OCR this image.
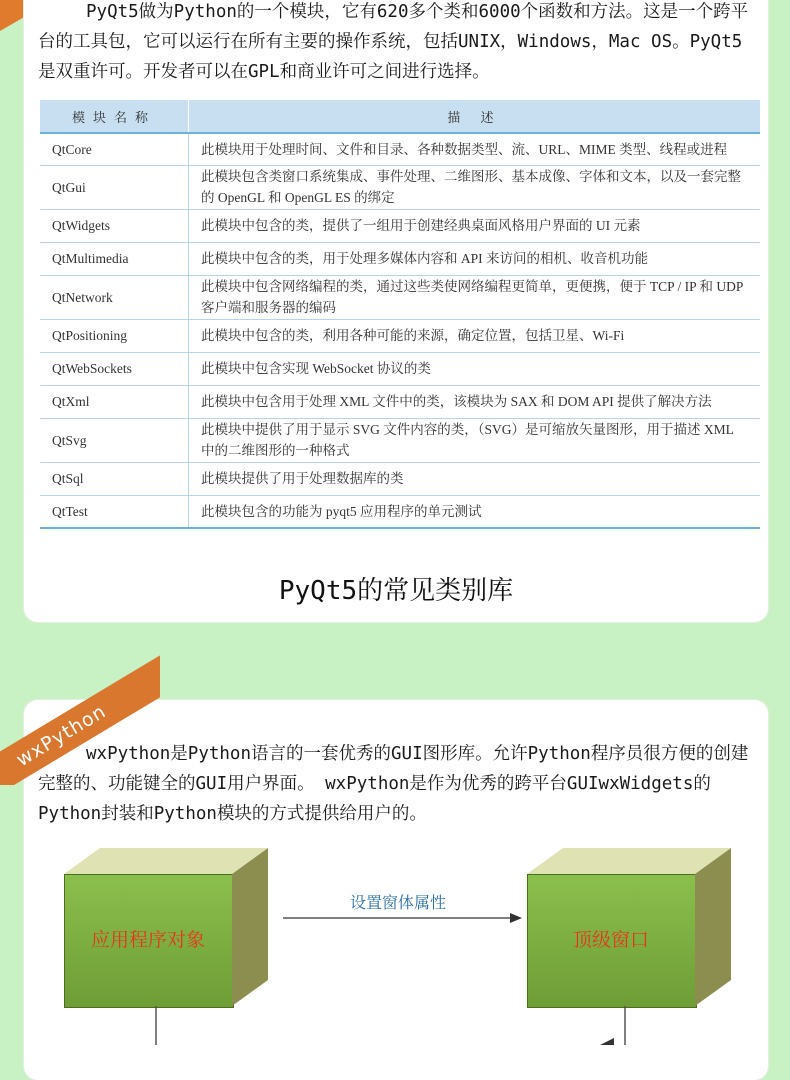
PyQt5做为Python的一个模块，它有620多个类和6000个函数和方法。这是一个跨平台的工具包，它可以运行在所有主要的操作系统，包括UNIX，Windows，Mac OS。PyQt5是双重许可。开发者可以在GPL和商业许可之间进行选择。

模块名称	描 述
QtCore	此模块用于处理时间、文件和目录、各种数据类型、流、URL、MIME 类型、线程或进程
QtGui	此模块包含类窗口系统集成、事件处理、二维图形、基本成像、字体和文本，以及一套完整的 OpenGL 和 OpenGL ES 的绑定
QtWidgets	此模块中包含的类，提供了一组用于创建经典桌面风格用户界面的 UI 元素
QtMultimedia	此模块中包含的类，用于处理多媒体内容和 API 来访问的相机、收音机功能
QtNetwork	此模块中包含网络编程的类，通过这些类使网络编程更简单，更便携，便于 TCP / IP 和 UDP 客户端和服务器的编码
QtPositioning	此模块中包含的类，利用各种可能的来源，确定位置，包括卫星、Wi-Fi
QtWebSockets	此模块中包含实现 WebSocket 协议的类
QtXml	此模块中包含用于处理 XML 文件中的类，该模块为 SAX 和 DOM API 提供了解决方法
QtSvg	此模块中提供了用于显示 SVG 文件内容的类，（SVG）是可缩放矢量图形，用于描述 XML 中的二维图形的一种格式
QtSql	此模块提供了用于处理数据库的类
QtTest	此模块包含的功能为 pyqt5 应用程序的单元测试
PyQt5的常见类别库
wxPython

wxPython是Python语言的一套优秀的GUI图形库。允许Python程序员很方便的创建完整的、功能键全的GUI用户界面。 wxPython是作为优秀的跨平台GUIwxWidgets的Python封装和Python模块的方式提供给用户的。

应用程序对象	顶级窗口
设置窗体属性
